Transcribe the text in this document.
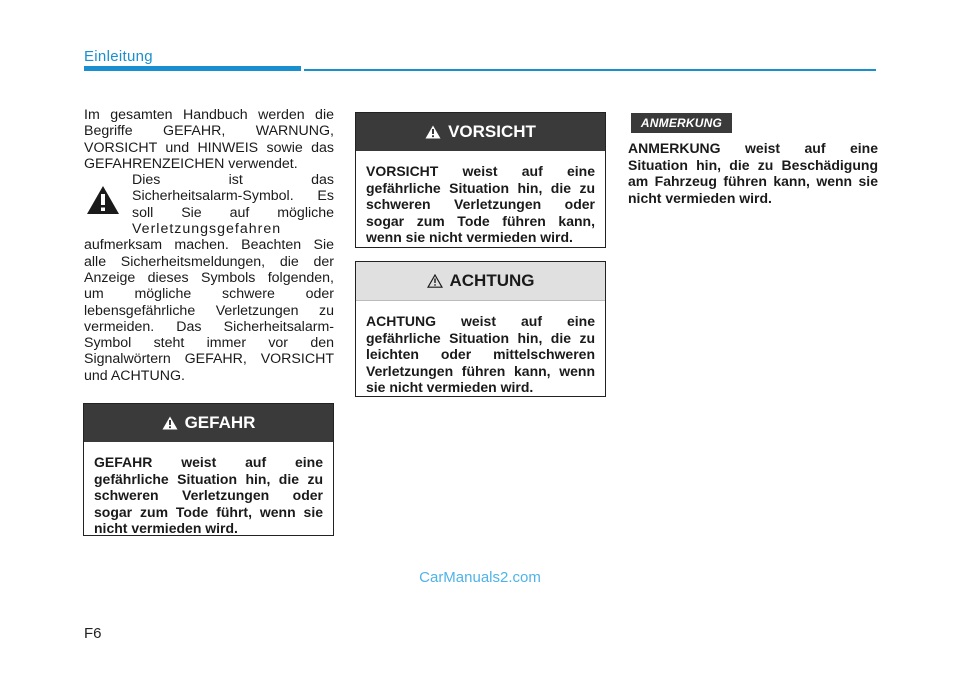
Einleitung

Im gesamten Handbuch werden die

Begriffe GEFAHR, WARNUNG,

VORSICHT und HINWEIS sowie das

GEFAHRENZEICHEN verwendet.

Dies ist das

Sicherheitsalarm-Symbol. Es

soll Sie auf mögliche

Verletzungsgefahren

aufmerksam machen. Beachten Sie

alle Sicherheitsmeldungen, die der

Anzeige dieses Symbols folgenden,

um mögliche schwere oder

lebensgefährliche Verletzungen zu

vermeiden. Das Sicherheitsalarm-

Symbol steht immer vor den

Signalwörtern GEFAHR, VORSICHT

und ACHTUNG.

GEFAHR
GEFAHR weist auf eine gefährliche Situation hin, die zu schweren Verletzungen oder sogar zum Tode führt, wenn sie nicht vermieden wird.
VORSICHT
VORSICHT weist auf eine gefährliche Situation hin, die zu schweren Verletzungen oder sogar zum Tode führen kann, wenn sie nicht vermieden wird.
ACHTUNG
ACHTUNG weist auf eine gefährliche Situation hin, die zu leichten oder mittelschweren Verletzungen führen kann, wenn sie nicht vermieden wird.
ANMERKUNG
ANMERKUNG weist auf eine Situation hin, die zu Beschädigung am Fahrzeug führen kann, wenn sie nicht vermieden wird.
CarManuals2.com
F6
